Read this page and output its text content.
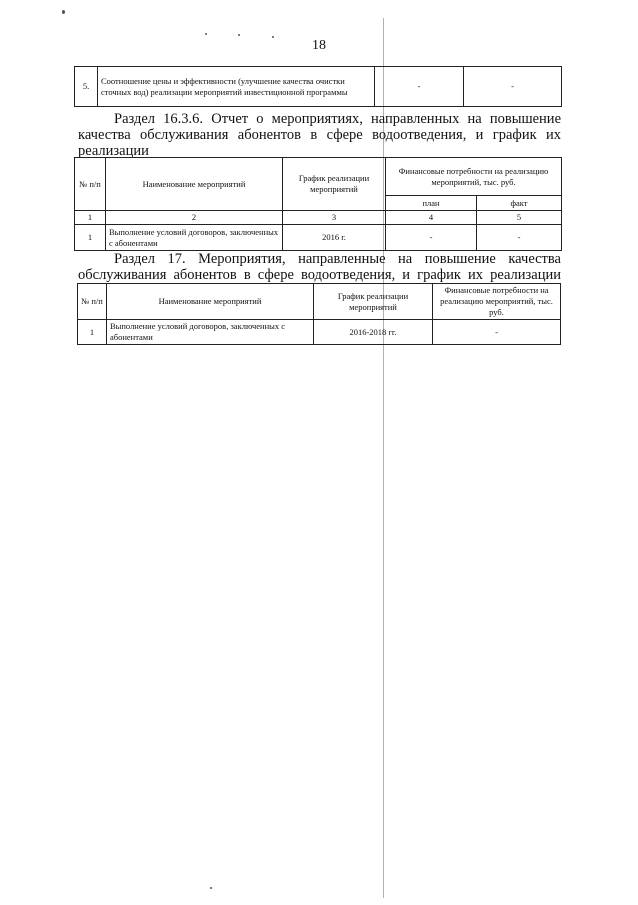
18
5.	Соотношение цены и эффективности (улучшение качества очистки сточных вод) реализации мероприятий инвестиционной программы	-	-
Раздел 16.3.6. Отчет о мероприятиях, направленных на повышение
качества обслуживания абонентов в сфере водоотведения, и график их
реализации
№ п/п	Наименование мероприятий	График реализации мероприятий	Финансовые потребности на реализацию мероприятий, тыс. руб.	
			план	факт
1	2	3	4	5
1	Выполнение условий договоров, заключенных с абонентами	2016 г.	-	-
Раздел 17. Мероприятия, направленные на повышение качества
обслуживания абонентов в сфере водоотведения, и график их реализации
№ п/п	Наименование мероприятий	График реализации мероприятий	Финансовые потребности на реализацию мероприятий, тыс. руб.
1	Выполнение условий договоров, заключенных с абонентами	2016-2018 гг.	-
